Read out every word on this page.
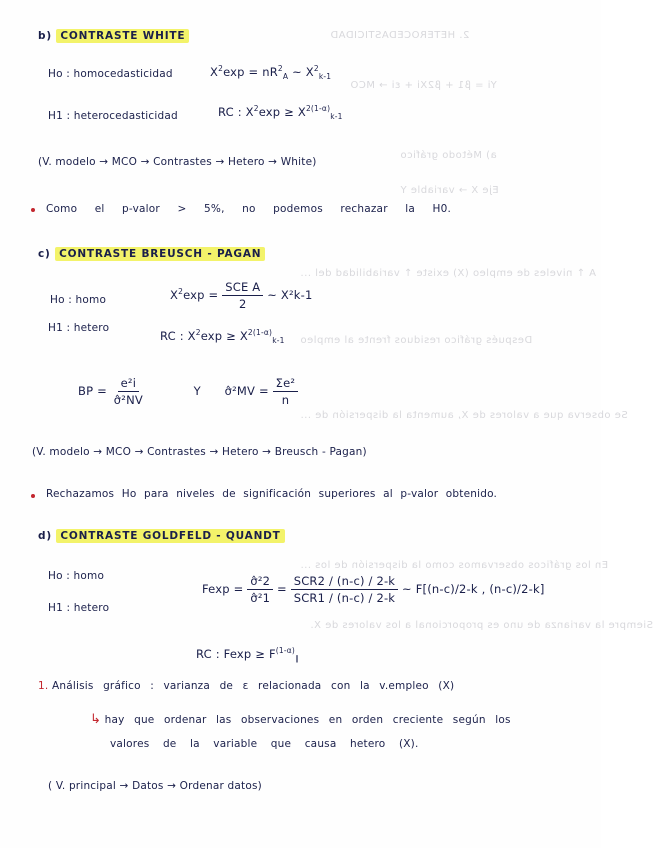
2. HETEROCEDASTICIDAD
Yi = β1 + β2Xi + εi → MCO
a) Método gráfico
Eje X → variable Y
A ↑ niveles de empleo (X) existe ↑ variabilidad del ...
Después gráfico residuos frente al empleo
Se observa que a valores de X, aumenta la dispersión de ...
En los gráficos observamos como la dispersión de los ...
Siempre la varianza de uno es proporcional a los valores de X.
b) CONTRASTE WHITE
Ho : homocedasticidad	$X^2\exp = nR^2_A$ ~ $X^2_{k-1}$
H1 : heterocedasticidad	RC : $X^2\exp \ge X^{2(1-\alpha)}_{k-1}$
(V. modelo → MCO → Contrastes → Hetero → White)
Como el p-valor > 5%, no podemos rechazar la H0.
c) CONTRASTE BREUSCH - PAGAN
Ho : homo	$X^2\exp = \frac{\text{SCE A}}{2}$ ~ X²k-1
H1 : hetero
RC : $X^2\exp \ge X^{2(1-\alpha)}_{k-1}$
BP = $\frac{\text{e²i}}{\text{σ̂²NV}}$	Y σ̂²MV = $\frac{\text{Σe²}}{n}$
(V. modelo → MCO → Contrastes → Hetero → Breusch - Pagan)
Rechazamos Ho para niveles de significación superiores al p-valor obtenido.
d) CONTRASTE GOLDFELD - QUANDT
Ho : homo
H1 : hetero
$Fexp = \frac{\text{σ̂²2}}{\text{σ̂²1}} = \frac{\text{SCR2 / (n-c) / 2-k}}{\text{SCR1 / (n-c) / 2-k}}$ ~ F[(n-c)/2-k , (n-c)/2-k]
RC : $Fexp \ge F^{(1-\alpha)}_\parallel$
1. Análisis gráfico : varianza de ε relacionada con la v.empleo (X)
↳ hay que ordenar las observaciones en orden creciente según los
valores de la variable que causa hetero (X).
( V. principal → Datos → Ordenar datos)
